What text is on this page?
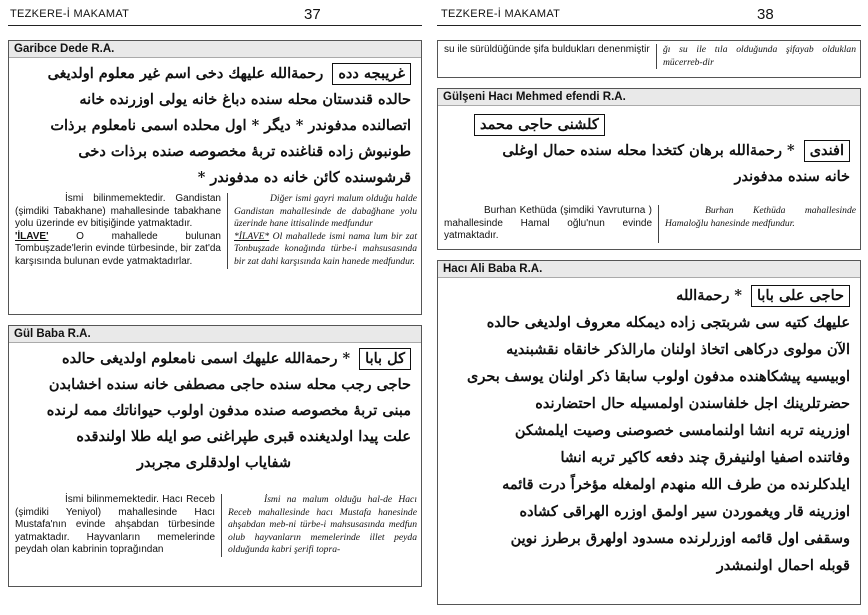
TEZKERE-İ MAKAMAT	37
Garibce Dede R.A.
غریبجه دده رحمةالله علیهك دخی اسم غیر معلوم اولدیغی
حالده قندستان محله سنده دباغ خانه یولی اوزرنده خانه
اتصالنده مدفوندر * دیگر * اول محلده اسمی نامعلوم برذات
طونبوش زاده قناغنده تربهٔ مخصوصه صنده برذات دخی
قرشوسنده کائن خانه ده مدفوندر *
İsmi bilinmemektedir. Gandistan (şimdiki Tabakhane) mahallesinde tabakhane yolu üzerinde ev bitişiğinde yatmaktadır.
'İLAVE' O mahallede bulunan Tombuşzade'lerin evinde türbesinde, bir zat'da karşısında bulunan evde yatmaktadırlar.
Diğer ismi gayri malum olduğu halde Gandistan mahallesinde de dabağhane yolu üzerinde hane ittisalinde medfundur
*İLAVE* Ol mahallede ismi nama lum bir zat Tonbuşzade konağında türbe-i mahsusasında bir zat dahi karşısında kain hanede medfundur.
Gül Baba R.A.
کل بابا * رحمةالله علیهك اسمی نامعلوم اولدیغی حالده
حاجی رجب محله سنده حاجی مصطفی خانه سنده اخشابدن
مبنی تربهٔ مخصوصه صنده مدفون اولوب حیواناتك ممه لرنده
علت پیدا اولدیغنده قبری طپراغنی صو ایله طلا اولندقده
شفایاب اولدقلری مجربدر
İsmi bilinmemektedir. Hacı Receb (şimdiki Yeniyol) mahallesinde Hacı Mustafa'nın evinde ahşabdan türbesinde yatmaktadır. Hayvanların memelerinde peydah olan kabrinin toprağından
İsmi na malum olduğu hal-de Hacı Receb mahallesinde hacı Mustafa hanesinde ahşabdan meb-ni türbe-i mahsusasında medfun olub hayvanların memelerinde illet peyda olduğunda kabri şerifi topra-
TEZKERE-İ MAKAMAT	38
su ile sürüldüğünde şifa buldukları denenmiştir	ğı su ile tıla olduğunda şifayab olduklan mücerreb-dir
Gülşeni Hacı Mehmed efendi R.A.
كلشنی حاجی محمد
افندی * رحمةالله برهان کتخدا محله سنده حمال اوغلی
خانه سنده مدفوندر
Burhan Kethüda (şimdiki Yavruturna ) mahallesinde Hamal oğlu'nun evinde yatmaktadır.
Burhan Kethüda mahallesinde Hamaloğlu hanesinde medfundur.
Hacı Ali Baba R.A.
حاجی علی بابا * رحمةالله
علیهك کتیه سی شربتجی زاده دیمکله معروف اولدیغی حالده
الآن مولوی درکاهی اتخاذ اولنان مارالذکر خانقاه نقشبندیه
اوبیسیه پیشکاهنده مدفون اولوب سابقا ذکر اولنان یوسف بحری
حضرتلرینك اجل خلفاسندن اولمسیله حال احتضارنده
اوزرینه تربه انشا اولنمامسی خصوصنی وصیت ایلمشکن
وفاتنده اصفیا اولنیفرق چند دفعه کاکیر تربه انشا
ایلدکلرنده من طرف الله منهدم اولمغله مؤخراً درت قائمه
اوزرینه قار ویغموردن سیر اولمق اوزره الهراقی کشاده
وسقفی اول قائمه اوزرلرنده مسدود اولهرق برطرز نوین
قوبله احمال اولنمشدر
